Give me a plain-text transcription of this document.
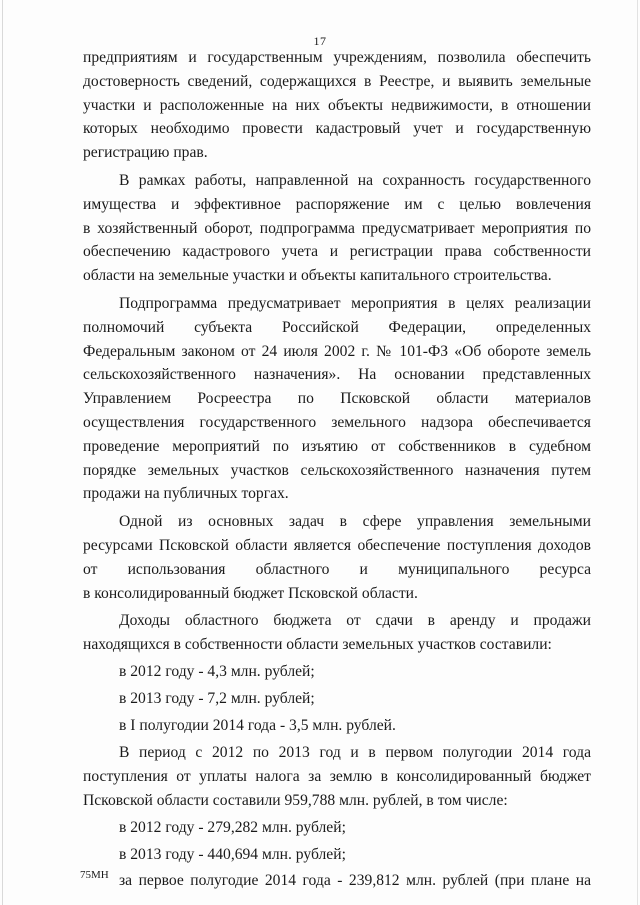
17
предприятиям и государственным учреждениям, позволила обеспечить
достоверность сведений, содержащихся в Реестре, и выявить земельные
участки и расположенные на них объекты недвижимости, в отношении
которых необходимо провести кадастровый учет и государственную
регистрацию прав.
В рамках работы, направленной на сохранность государственного
имущества и эффективное распоряжение им с целью вовлечения
в хозяйственный оборот, подпрограмма предусматривает мероприятия по
обеспечению кадастрового учета и регистрации права собственности
области на земельные участки и объекты капитального строительства.
Подпрограмма предусматривает мероприятия в целях реализации
полномочий субъекта Российской Федерации, определенных
Федеральным законом от 24 июля 2002 г. № 101-ФЗ «Об обороте земель
сельскохозяйственного назначения». На основании представленных
Управлением Росреестра по Псковской области материалов
осуществления государственного земельного надзора обеспечивается
проведение мероприятий по изъятию от собственников в судебном
порядке земельных участков сельскохозяйственного назначения путем
продажи на публичных торгах.
Одной из основных задач в сфере управления земельными
ресурсами Псковской области является обеспечение поступления доходов
от использования областного и муниципального ресурса
в консолидированный бюджет Псковской области.
Доходы областного бюджета от сдачи в аренду и продажи
находящихся в собственности области земельных участков составили:
в 2012 году - 4,3 млн. рублей;
в 2013 году - 7,2 млн. рублей;
в I полугодии 2014 года - 3,5 млн. рублей.
В период с 2012 по 2013 год и в первом полугодии 2014 года
поступления от уплаты налога за землю в консолидированный бюджет
Псковской области составили 959,788 млн. рублей, в том числе:
в 2012 году - 279,282 млн. рублей;
в 2013 году - 440,694 млн. рублей;
за первое полугодие 2014 года - 239,812 млн. рублей (при плане на
75МН
